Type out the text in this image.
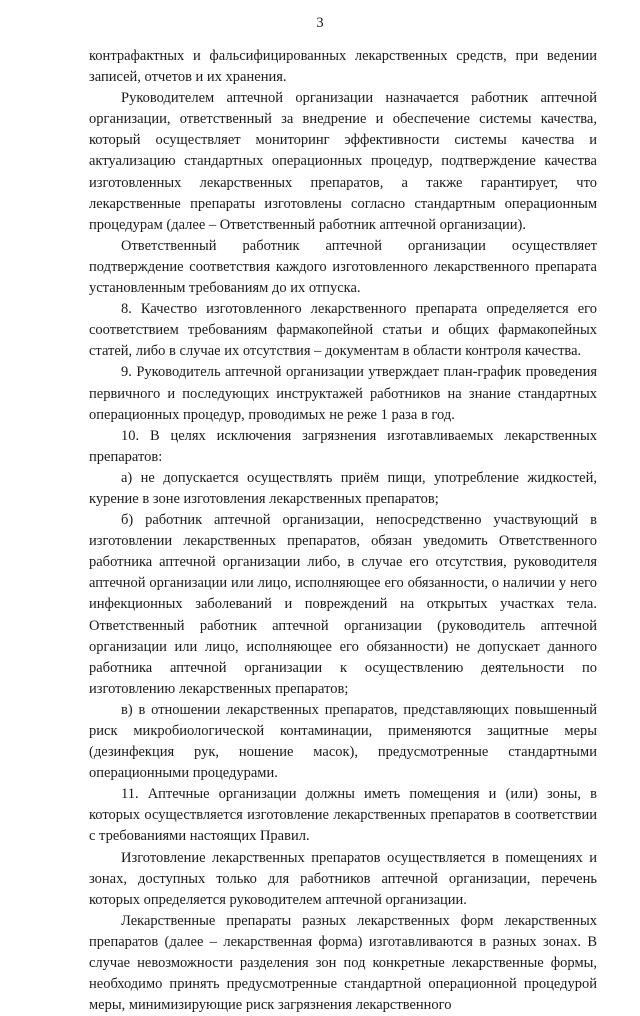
3

контрафактных и фальсифицированных лекарственных средств, при ведении записей, отчетов и их хранения.

Руководителем аптечной организации назначается работник аптечной организации, ответственный за внедрение и обеспечение системы качества, который осуществляет мониторинг эффективности системы качества и актуализацию стандартных операционных процедур, подтверждение качества изготовленных лекарственных препаратов, а также гарантирует, что лекарственные препараты изготовлены согласно стандартным операционным процедурам (далее – Ответственный работник аптечной организации).

Ответственный работник аптечной организации осуществляет подтверждение соответствия каждого изготовленного лекарственного препарата установленным требованиям до их отпуска.

8. Качество изготовленного лекарственного препарата определяется его соответствием требованиям фармакопейной статьи и общих фармакопейных статей, либо в случае их отсутствия – документам в области контроля качества.

9. Руководитель аптечной организации утверждает план-график проведения первичного и последующих инструктажей работников на знание стандартных операционных процедур, проводимых не реже 1 раза в год.

10. В целях исключения загрязнения изготавливаемых лекарственных препаратов:

а) не допускается осуществлять приём пищи, употребление жидкостей, курение в зоне изготовления лекарственных препаратов;

б) работник аптечной организации, непосредственно участвующий в изготовлении лекарственных препаратов, обязан уведомить Ответственного работника аптечной организации либо, в случае его отсутствия, руководителя аптечной организации или лицо, исполняющее его обязанности, о наличии у него инфекционных заболеваний и повреждений на открытых участках тела. Ответственный работник аптечной организации (руководитель аптечной организации или лицо, исполняющее его обязанности) не допускает данного работника аптечной организации к осуществлению деятельности по изготовлению лекарственных препаратов;

в) в отношении лекарственных препаратов, представляющих повышенный риск микробиологической контаминации, применяются защитные меры (дезинфекция рук, ношение масок), предусмотренные стандартными операционными процедурами.

11. Аптечные организации должны иметь помещения и (или) зоны, в которых осуществляется изготовление лекарственных препаратов в соответствии с требованиями настоящих Правил.

Изготовление лекарственных препаратов осуществляется в помещениях и зонах, доступных только для работников аптечной организации, перечень которых определяется руководителем аптечной организации.

Лекарственные препараты разных лекарственных форм лекарственных препаратов (далее – лекарственная форма) изготавливаются в разных зонах. В случае невозможности разделения зон под конкретные лекарственные формы, необходимо принять предусмотренные стандартной операционной процедурой меры, минимизирующие риск загрязнения лекарственного
